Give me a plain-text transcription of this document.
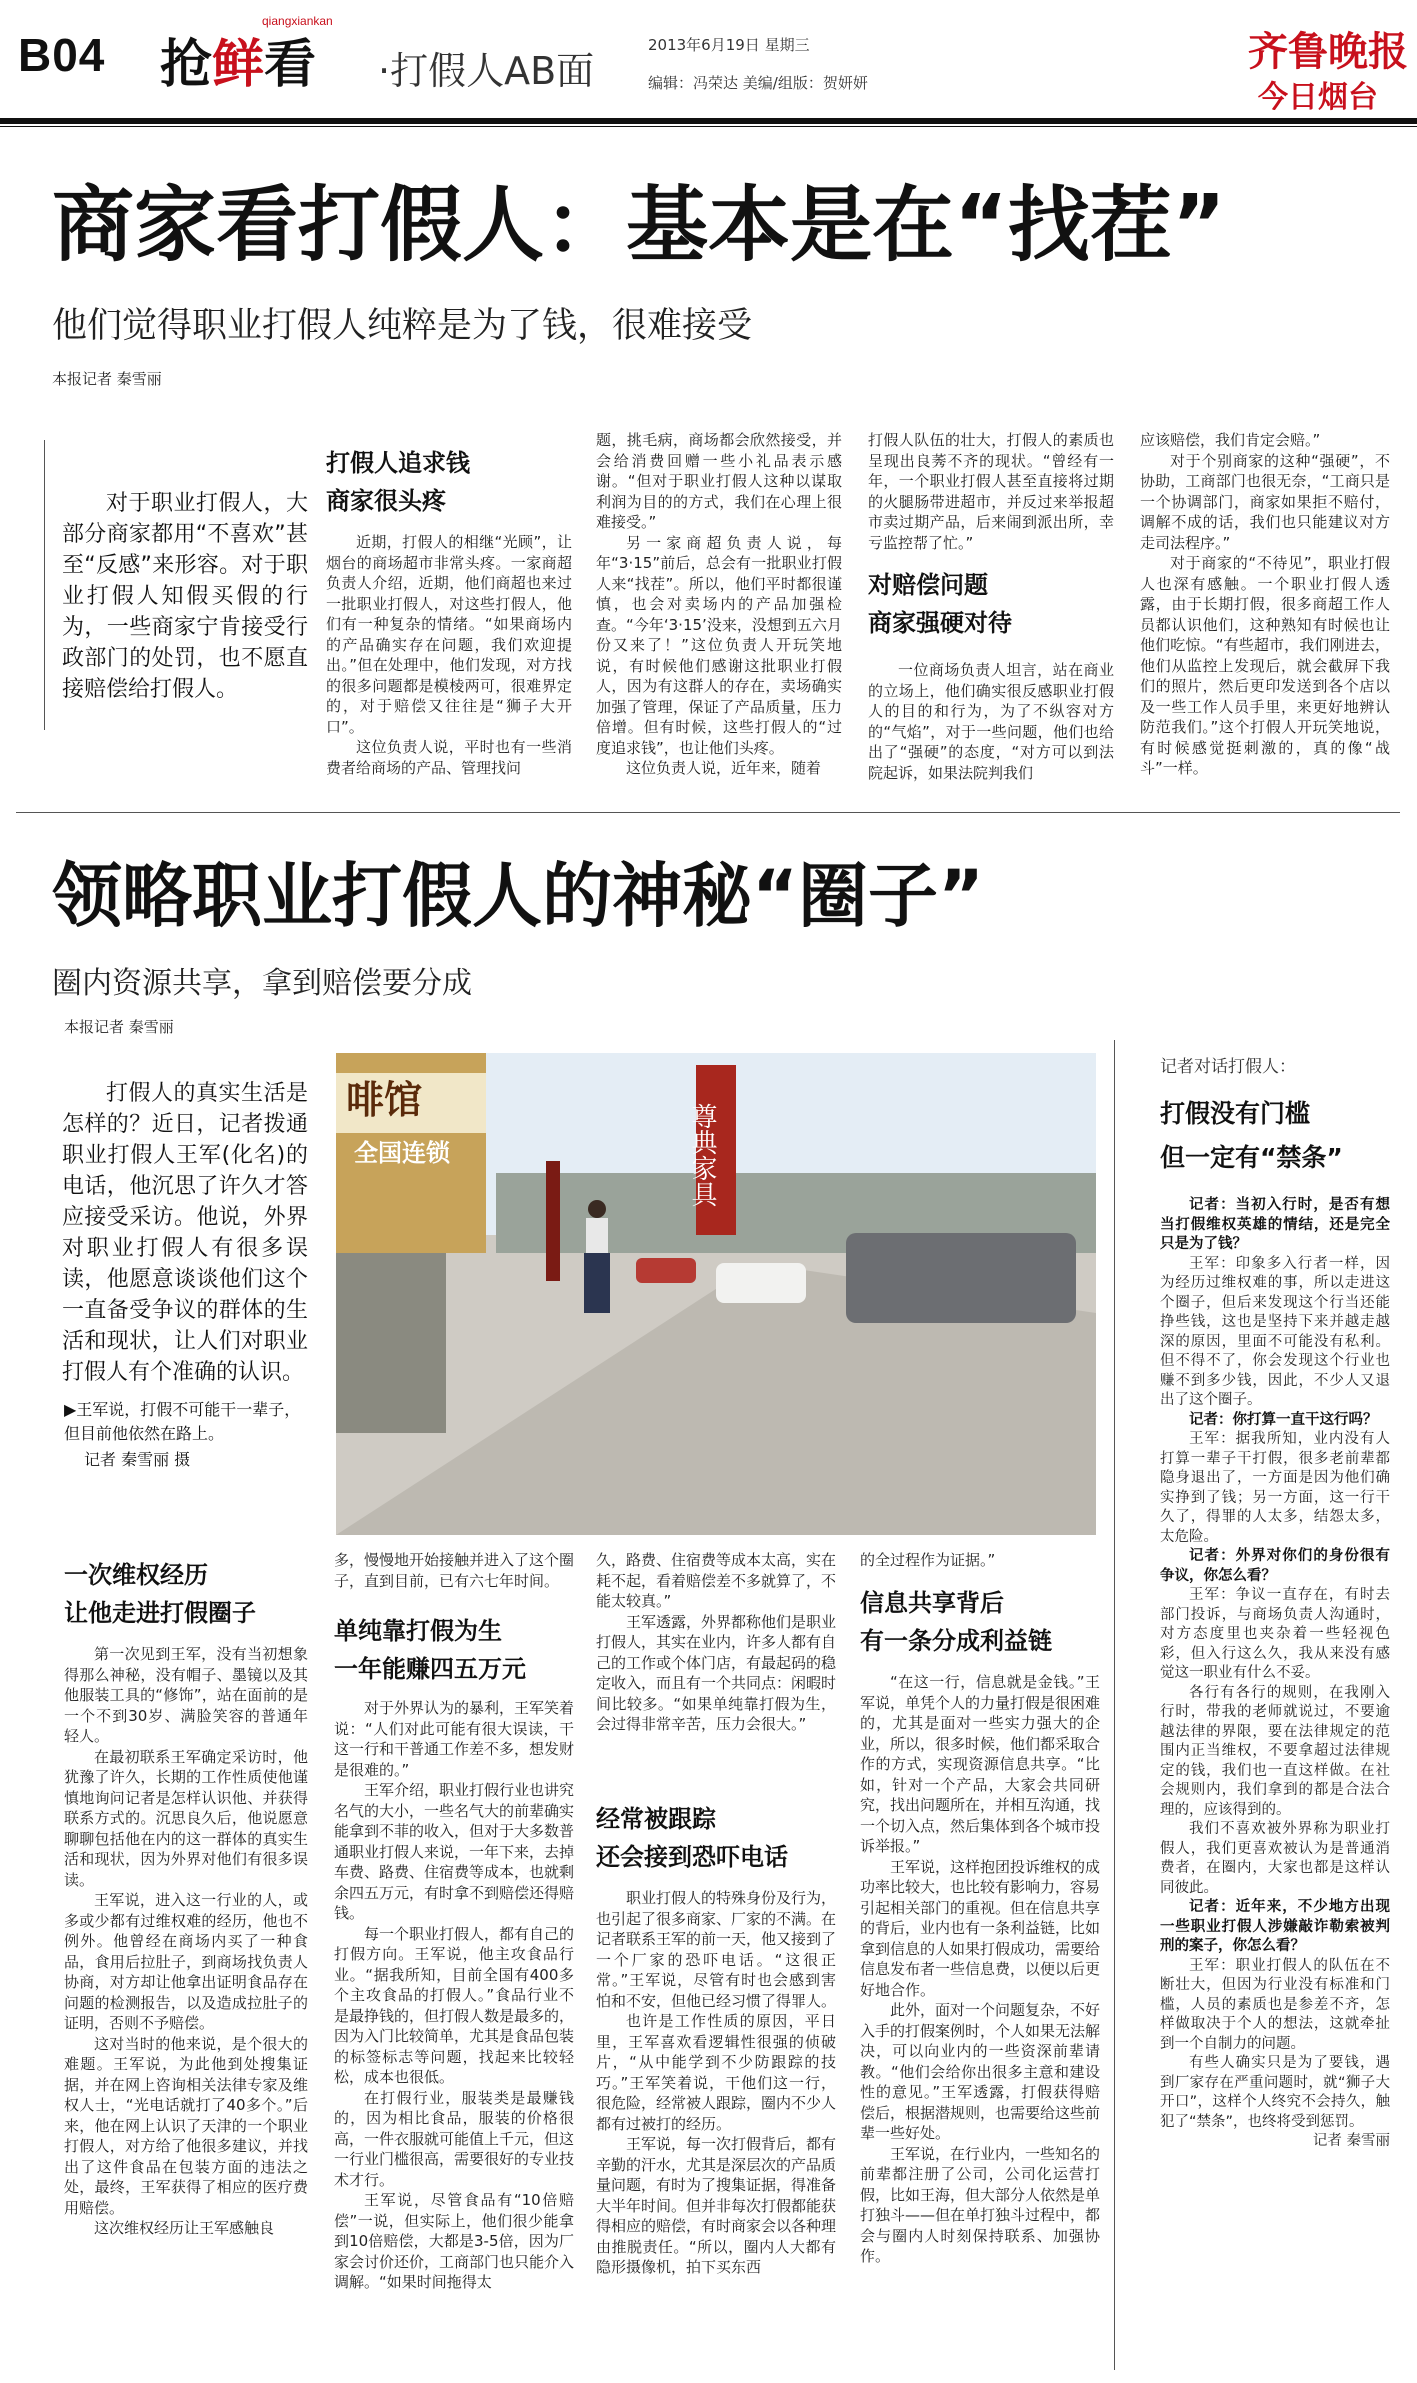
B04
qiangxiankan
抢鲜看 ·打假人AB面
2013年6月19日 星期三
编辑：冯荣达 美编/组版：贺妍妍
齐鲁晚报
今日烟台
商家看打假人：基本是在“找茬”
他们觉得职业打假人纯粹是为了钱，很难接受
本报记者 秦雪丽
对于职业打假人，大部分商家都用“不喜欢”甚至“反感”来形容。对于职业打假人知假买假的行为，一些商家宁肯接受行政部门的处罚，也不愿直接赔偿给打假人。
打假人追求钱
商家很头疼

近期，打假人的相继“光顾”，让烟台的商场超市非常头疼。一家商超负责人介绍，近期，他们商超也来过一批职业打假人，对这些打假人，他们有一种复杂的情绪。“如果商场内的产品确实存在问题，我们欢迎提出。”但在处理中，他们发现，对方找的很多问题都是模棱两可，很难界定的，对于赔偿又往往是“狮子大开口”。

这位负责人说，平时也有一些消费者给商场的产品、管理找问

题，挑毛病，商场都会欣然接受，并会给消费回赠一些小礼品表示感谢。“但对于职业打假人这种以谋取利润为目的的方式，我们在心理上很难接受。”

另一家商超负责人说，每年“3·15”前后，总会有一批职业打假人来“找茬”。所以，他们平时都很谨慎，也会对卖场内的产品加强检查。“今年‘3·15’没来，没想到五六月份又来了！”这位负责人开玩笑地说，有时候他们感谢这批职业打假人，因为有这群人的存在，卖场确实加强了管理，保证了产品质量，压力倍增。但有时候，这些打假人的“过度追求钱”，也让他们头疼。

这位负责人说，近年来，随着

打假人队伍的壮大，打假人的素质也呈现出良莠不齐的现状。“曾经有一年，一个职业打假人甚至直接将过期的火腿肠带进超市，并反过来举报超市卖过期产品，后来闹到派出所，幸亏监控帮了忙。”

对赔偿问题
商家强硬对待

一位商场负责人坦言，站在商业的立场上，他们确实很反感职业打假人的目的和行为，为了不纵容对方的“气焰”，对于一些问题，他们也给出了“强硬”的态度，“对方可以到法院起诉，如果法院判我们

应该赔偿，我们肯定会赔。”

对于个别商家的这种“强硬”，不协助，工商部门也很无奈，“工商只是一个协调部门，商家如果拒不赔付，调解不成的话，我们也只能建议对方走司法程序。”

对于商家的“不待见”，职业打假人也深有感触。一个职业打假人透露，由于长期打假，很多商超工作人员都认识他们，这种熟知有时候也让他们吃惊。“有些超市，我们刚进去，他们从监控上发现后，就会截屏下我们的照片，然后更印发送到各个店以及一些工作人员手里，来更好地辨认防范我们。”这个打假人开玩笑地说，有时候感觉挺刺激的，真的像“战斗”一样。

领略职业打假人的神秘“圈子”
圈内资源共享，拿到赔偿要分成
本报记者 秦雪丽
打假人的真实生活是怎样的？近日，记者拨通职业打假人王军(化名)的电话，他沉思了许久才答应接受采访。他说，外界对职业打假人有很多误读，他愿意谈谈他们这个一直备受争议的群体的生活和现状，让人们对职业打假人有个准确的认识。
啡馆
全国连锁	尊典家具
▶王军说，打假不可能干一辈子，但目前他依然在路上。
记者 秦雪丽 摄
一次维权经历
让他走进打假圈子

第一次见到王军，没有当初想象得那么神秘，没有帽子、墨镜以及其他服装工具的“修饰”，站在面前的是一个不到30岁、满脸笑容的普通年轻人。

在最初联系王军确定采访时，他犹豫了许久，长期的工作性质使他谨慎地询问记者是怎样认识他、并获得联系方式的。沉思良久后，他说愿意聊聊包括他在内的这一群体的真实生活和现状，因为外界对他们有很多误读。

王军说，进入这一行业的人，或多或少都有过维权难的经历，他也不例外。他曾经在商场内买了一种食品，食用后拉肚子，到商场找负责人协商，对方却让他拿出证明食品存在问题的检测报告，以及造成拉肚子的证明，否则不予赔偿。

这对当时的他来说，是个很大的难题。王军说，为此他到处搜集证据，并在网上咨询相关法律专家及维权人士，“光电话就打了40多个。”后来，他在网上认识了天津的一个职业打假人，对方给了他很多建议，并找出了这件食品在包装方面的违法之处，最终，王军获得了相应的医疗费用赔偿。

这次维权经历让王军感触良

多，慢慢地开始接触并进入了这个圈子，直到目前，已有六七年时间。

单纯靠打假为生
一年能赚四五万元

对于外界认为的暴利，王军笑着说：“人们对此可能有很大误读，干这一行和干普通工作差不多，想发财是很难的。”

王军介绍，职业打假行业也讲究名气的大小，一些名气大的前辈确实能拿到不菲的收入，但对于大多数普通职业打假人来说，一年下来，去掉车费、路费、住宿费等成本，也就剩余四五万元，有时拿不到赔偿还得赔钱。

每一个职业打假人，都有自己的打假方向。王军说，他主攻食品行业。“据我所知，目前全国有400多个主攻食品的打假人。”食品行业不是最挣钱的，但打假人数是最多的，因为入门比较简单，尤其是食品包装的标签标志等问题，找起来比较轻松，成本也很低。

在打假行业，服装类是最赚钱的，因为相比食品，服装的价格很高，一件衣服就可能值上千元，但这一行业门槛很高，需要很好的专业技术才行。

王军说，尽管食品有“10倍赔偿”一说，但实际上，他们很少能拿到10倍赔偿，大都是3-5倍，因为厂家会讨价还价，工商部门也只能介入调解。“如果时间拖得太

久，路费、住宿费等成本太高，实在耗不起，看着赔偿差不多就算了，不能太较真。”

王军透露，外界都称他们是职业打假人，其实在业内，许多人都有自己的工作或个体门店，有最起码的稳定收入，而且有一个共同点：闲暇时间比较多。“如果单纯靠打假为生，会过得非常辛苦，压力会很大。”

经常被跟踪
还会接到恐吓电话

职业打假人的特殊身份及行为，也引起了很多商家、厂家的不满。在记者联系王军的前一天，他又接到了一个厂家的恐吓电话。“这很正常。”王军说，尽管有时也会感到害怕和不安，但他已经习惯了得罪人。

也许是工作性质的原因，平日里，王军喜欢看逻辑性很强的侦破片，“从中能学到不少防跟踪的技巧。”王军笑着说，干他们这一行，很危险，经常被人跟踪，圈内不少人都有过被打的经历。

王军说，每一次打假背后，都有辛勤的汗水，尤其是深层次的产品质量问题，有时为了搜集证据，得准备大半年时间。但并非每次打假都能获得相应的赔偿，有时商家会以各种理由推脱责任。“所以，圈内人大都有隐形摄像机，拍下买东西

的全过程作为证据。”

信息共享背后
有一条分成利益链

“在这一行，信息就是金钱。”王军说，单凭个人的力量打假是很困难的，尤其是面对一些实力强大的企业，所以，很多时候，他们都采取合作的方式，实现资源信息共享。“比如，针对一个产品，大家会共同研究，找出问题所在，并相互沟通，找一个切入点，然后集体到各个城市投诉举报。”

王军说，这样抱团投诉维权的成功率比较大，也比较有影响力，容易引起相关部门的重视。但在信息共享的背后，业内也有一条利益链，比如拿到信息的人如果打假成功，需要给信息发布者一些信息费，以便以后更好地合作。

此外，面对一个问题复杂，不好入手的打假案例时，个人如果无法解决，可以向业内的一些资深前辈请教。“他们会给你出很多主意和建设性的意见。”王军透露，打假获得赔偿后，根据潜规则，也需要给这些前辈一些好处。

王军说，在行业内，一些知名的前辈都注册了公司，公司化运营打假，比如王海，但大部分人依然是单打独斗——但在单打独斗过程中，都会与圈内人时刻保持联系、加强协作。

记者对话打假人：
打假没有门槛
但一定有“禁条”

记者：当初入行时，是否有想当打假维权英雄的情结，还是完全只是为了钱？

王军：印象多入行者一样，因为经历过维权难的事，所以走进这个圈子，但后来发现这个行当还能挣些钱，这也是坚持下来并越走越深的原因，里面不可能没有私利。但不得不了，你会发现这个行业也赚不到多少钱，因此，不少人又退出了这个圈子。

记者：你打算一直干这行吗？

王军：据我所知，业内没有人打算一辈子干打假，很多老前辈都隐身退出了，一方面是因为他们确实挣到了钱；另一方面，这一行干久了，得罪的人太多，结怨太多，太危险。

记者：外界对你们的身份很有争议，你怎么看？

王军：争议一直存在，有时去部门投诉，与商场负责人沟通时，对方态度里也夹杂着一些轻视色彩，但入行这么久，我从来没有感觉这一职业有什么不妥。

各行有各行的规则，在我刚入行时，带我的老师就说过，不要逾越法律的界限，要在法律规定的范围内正当维权，不要拿超过法律规定的钱，我们也一直这样做。在社会规则内，我们拿到的都是合法合理的，应该得到的。

我们不喜欢被外界称为职业打假人，我们更喜欢被认为是普通消费者，在圈内，大家也都是这样认同彼此。

记者：近年来，不少地方出现一些职业打假人涉嫌敲诈勒索被判刑的案子，你怎么看？

王军：职业打假人的队伍在不断壮大，但因为行业没有标准和门槛，人员的素质也是参差不齐，怎样做取决于个人的想法，这就牵扯到一个自制力的问题。

有些人确实只是为了要钱，遇到厂家存在严重问题时，就“狮子大开口”，这样个人终究不会持久，触犯了“禁条”，也终将受到惩罚。

记者 秦雪丽
